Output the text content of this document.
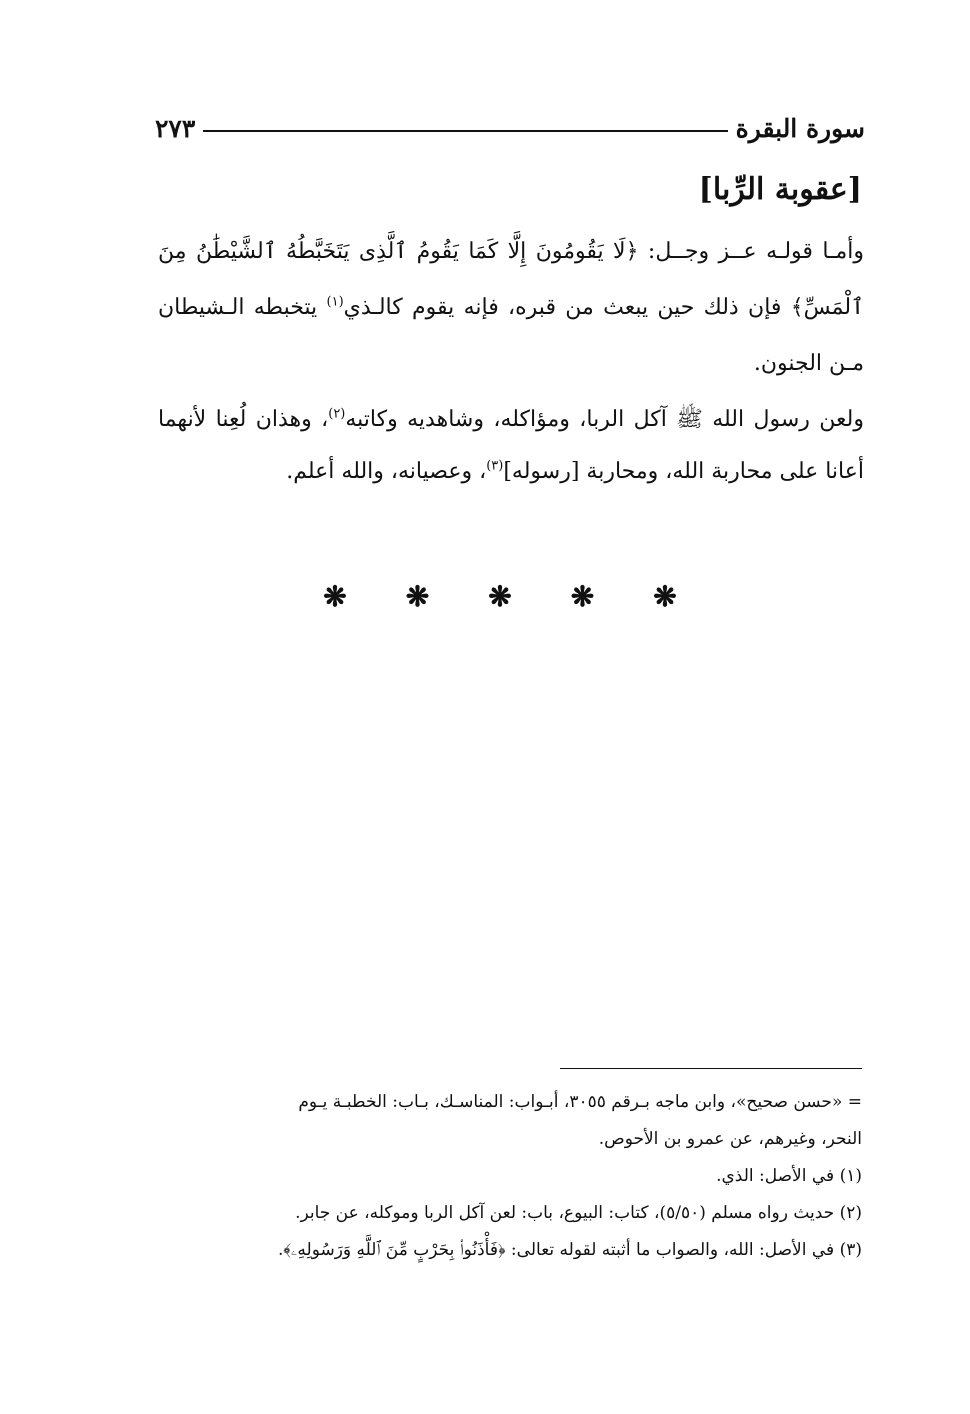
سورة البقرة
٢٧٣
[عقوبة الرِّبا]

وأمـا قولـه عــز وجــل: ﴿لَا يَقُومُونَ إِلَّا كَمَا يَقُومُ ٱلَّذِى يَتَخَبَّطُهُ ٱلشَّيْطَٰنُ مِنَ ٱلْمَسِّ﴾ فإن ذلك حين يبعث من قبره، فإنه يقوم كالـذي$^{(١)}$ يتخبطه الـشيطان مـن الجنون.

ولعن رسول الله ﷺ آكل الربا، ومؤاكله، وشاهديه وكاتبه$^{(٢)}$، وهذان لُعِنا لأنهما أعانا على محاربة الله، ومحاربة [رسوله]$^{(٣)}$، وعصيانه، والله أعلم.

❋
❋
❋
❋
❋

= «حسن صحيح»، وابن ماجه بـرقم ٣٠٥٥، أبـواب: المناسـك، بـاب: الخطبـة يـوم
النحر، وغيرهم، عن عمرو بن الأحوص.

(١) في الأصل: الذي.

(٢) حديث رواه مسلم (٥/٥٠)، كتاب: البيوع، باب: لعن آكل الربا وموكله، عن جابر.

(٣) في الأصل: الله، والصواب ما أثبته لقوله تعالى: ﴿فَأْذَنُوا۟ بِحَرْبٍ مِّنَ ٱللَّهِ وَرَسُولِهِۦ﴾.
